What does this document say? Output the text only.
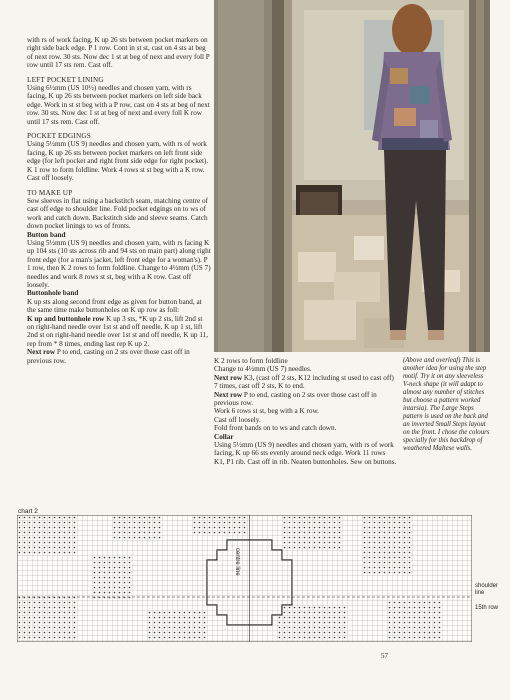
with rs of work facing, K up 26 sts between pocket markers on right side back edge. P 1 row. Cont in st st, cast on 4 sts at beg of next row. 30 sts. Now dec 1 st at beg of next and every foll P row until 17 sts rem. Cast off.

LEFT POCKET LINING

Using 6½mm (US 10½) needles and chosen yarn, with rs facing, K up 26 sts between pocket markers on left side back edge. Work in st st beg with a P row, cast on 4 sts at beg of next row. 30 sts. Now dec 1 st at beg of next and every foll K row until 17 sts rem. Cast off.

POCKET EDGINGS

Using 5½mm (US 9) needles and chosen yarn, with rs of work facing, K up 26 sts between pocket markers on left front side edge (for left pocket and right front side edge for right pocket). K 1 row to form foldline. Work 4 rows st st beg with a K row. Cast off loosely.

TO MAKE UP

Sew sleeves in flat using a backstitch seam, matching centre of cast off edge to shoulder line. Fold pocket edgings on to ws of work and catch down. Backstitch side and sleeve seams. Catch down pocket linings to ws of fronts.

Button band

Using 5½mm (US 9) needles and chosen yarn, with rs facing K up 104 sts (10 sts across rib and 94 sts on main part) along right front edge (for a man's jacket, left front edge for a woman's). P 1 row, then K 2 rows to form foldline. Change to 4½mm (US 7) needles and work 8 rows st st, beg with a K row. Cast off loosely.

Buttonhole band

K up sts along second front edge as given for button band, at the same time make buttonholes on K up row as foll:

K up and buttonhole row K up 3 sts, *K up 2 sts, lift 2nd st on right-hand needle over 1st st and off needle, K up 1 st, lift 2nd st on right-hand needle over 1st st and off needle, K up 11, rep from * 8 times, ending last rep K up 2.

Next row P to end, casting on 2 sts over those cast off in previous row.	K 2 rows to form foldline

Change to 4½mm (US 7) needles.

Next row K3, (cast off 2 sts, K12 including st used to cast off) 7 times, cast off 2 sts, K to end.

Next row P to end, casting on 2 sts over those cast off in previous row.

Work 6 rows st st, beg with a K row.

Cast off loosely.

Fold front bands on to ws and catch down.

Collar

Using 5½mm (US 9) needles and chosen yarn, with rs of work facing, K up 66 sts evenly around neck edge. Work 11 rows K1, P1 rib. Cast off in rib. Neaten buttonholes. Sew on buttons.

(Above and overleaf) This is another idea for using the step motif. Try it on any sleeveless V-neck shape (it will adapt to almost any number of stitches but choose a pattern worked intarsia). The Large Steps pattern is used on the back and an inverted Small Steps layout on the front. I chose the colours specially for this backdrop of weathered Maltese walls.

chart 2
centre line
shoulder line
15th row
57
